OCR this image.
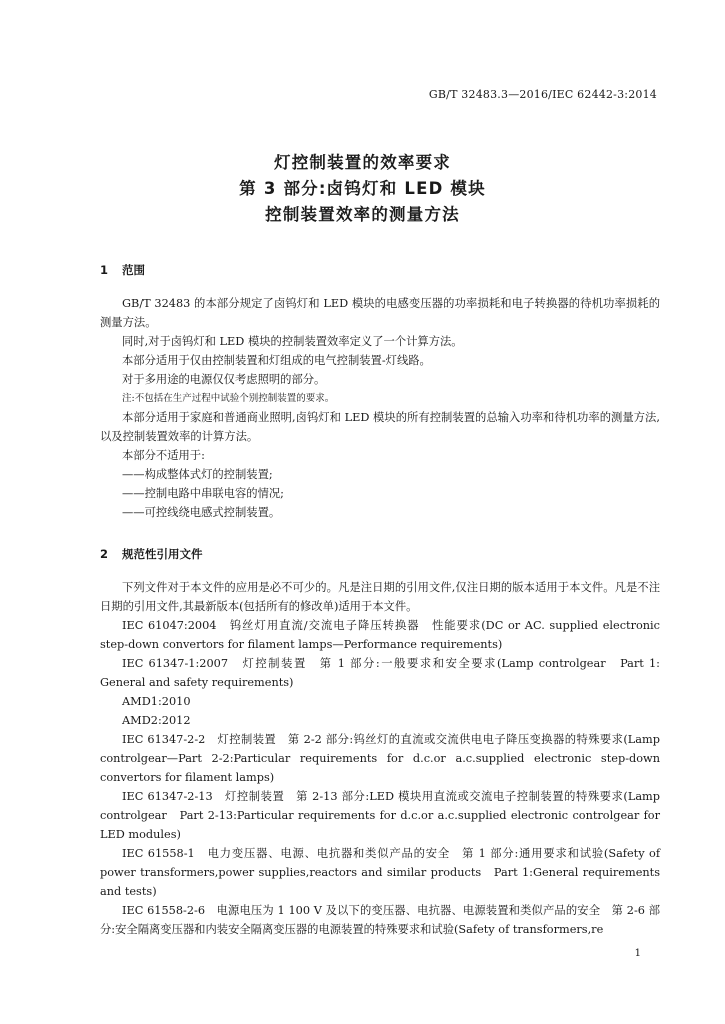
GB/T 32483.3—2016/IEC 62442-3:2014
灯控制装置的效率要求
第 3 部分:卤钨灯和 LED 模块
控制装置效率的测量方法
1 范围

GB/T 32483 的本部分规定了卤钨灯和 LED 模块的电感变压器的功率损耗和电子转换器的待机功率损耗的测量方法。

同时,对于卤钨灯和 LED 模块的控制装置效率定义了一个计算方法。

本部分适用于仅由控制装置和灯组成的电气控制装置-灯线路。

对于多用途的电源仅仅考虑照明的部分。

注:不包括在生产过程中试验个别控制装置的要求。

本部分适用于家庭和普通商业照明,卤钨灯和 LED 模块的所有控制装置的总输入功率和待机功率的测量方法,以及控制装置效率的计算方法。

本部分不适用于:

——构成整体式灯的控制装置;

——控制电路中串联电容的情况;

——可控线绕电感式控制装置。

2 规范性引用文件

下列文件对于本文件的应用是必不可少的。凡是注日期的引用文件,仅注日期的版本适用于本文件。凡是不注日期的引用文件,其最新版本(包括所有的修改单)适用于本文件。

IEC 61047:2004　钨丝灯用直流/交流电子降压转换器　性能要求(DC or AC. supplied electronic step-down convertors for filament lamps—Performance requirements)

IEC 61347-1:2007　灯控制装置　第 1 部分:一般要求和安全要求(Lamp controlgear　Part 1: General and safety requirements)

AMD1:2010

AMD2:2012

IEC 61347-2-2　灯控制装置　第 2-2 部分:钨丝灯的直流或交流供电电子降压变换器的特殊要求(Lamp controlgear—Part 2-2:Particular requirements for d.c.or a.c.supplied electronic step-down convertors for filament lamps)

IEC 61347-2-13　灯控制装置　第 2-13 部分:LED 模块用直流或交流电子控制装置的特殊要求(Lamp controlgear　Part 2-13:Particular requirements for d.c.or a.c.supplied electronic controlgear for LED modules)

IEC 61558-1　电力变压器、电源、电抗器和类似产品的安全　第 1 部分:通用要求和试验(Safety of power transformers,power supplies,reactors and similar products　Part 1:General requirements and tests)

IEC 61558-2-6　电源电压为 1 100 V 及以下的变压器、电抗器、电源装置和类似产品的安全　第 2-6 部分:安全隔离变压器和内装安全隔离变压器的电源装置的特殊要求和试验(Safety of transformers,re

1
